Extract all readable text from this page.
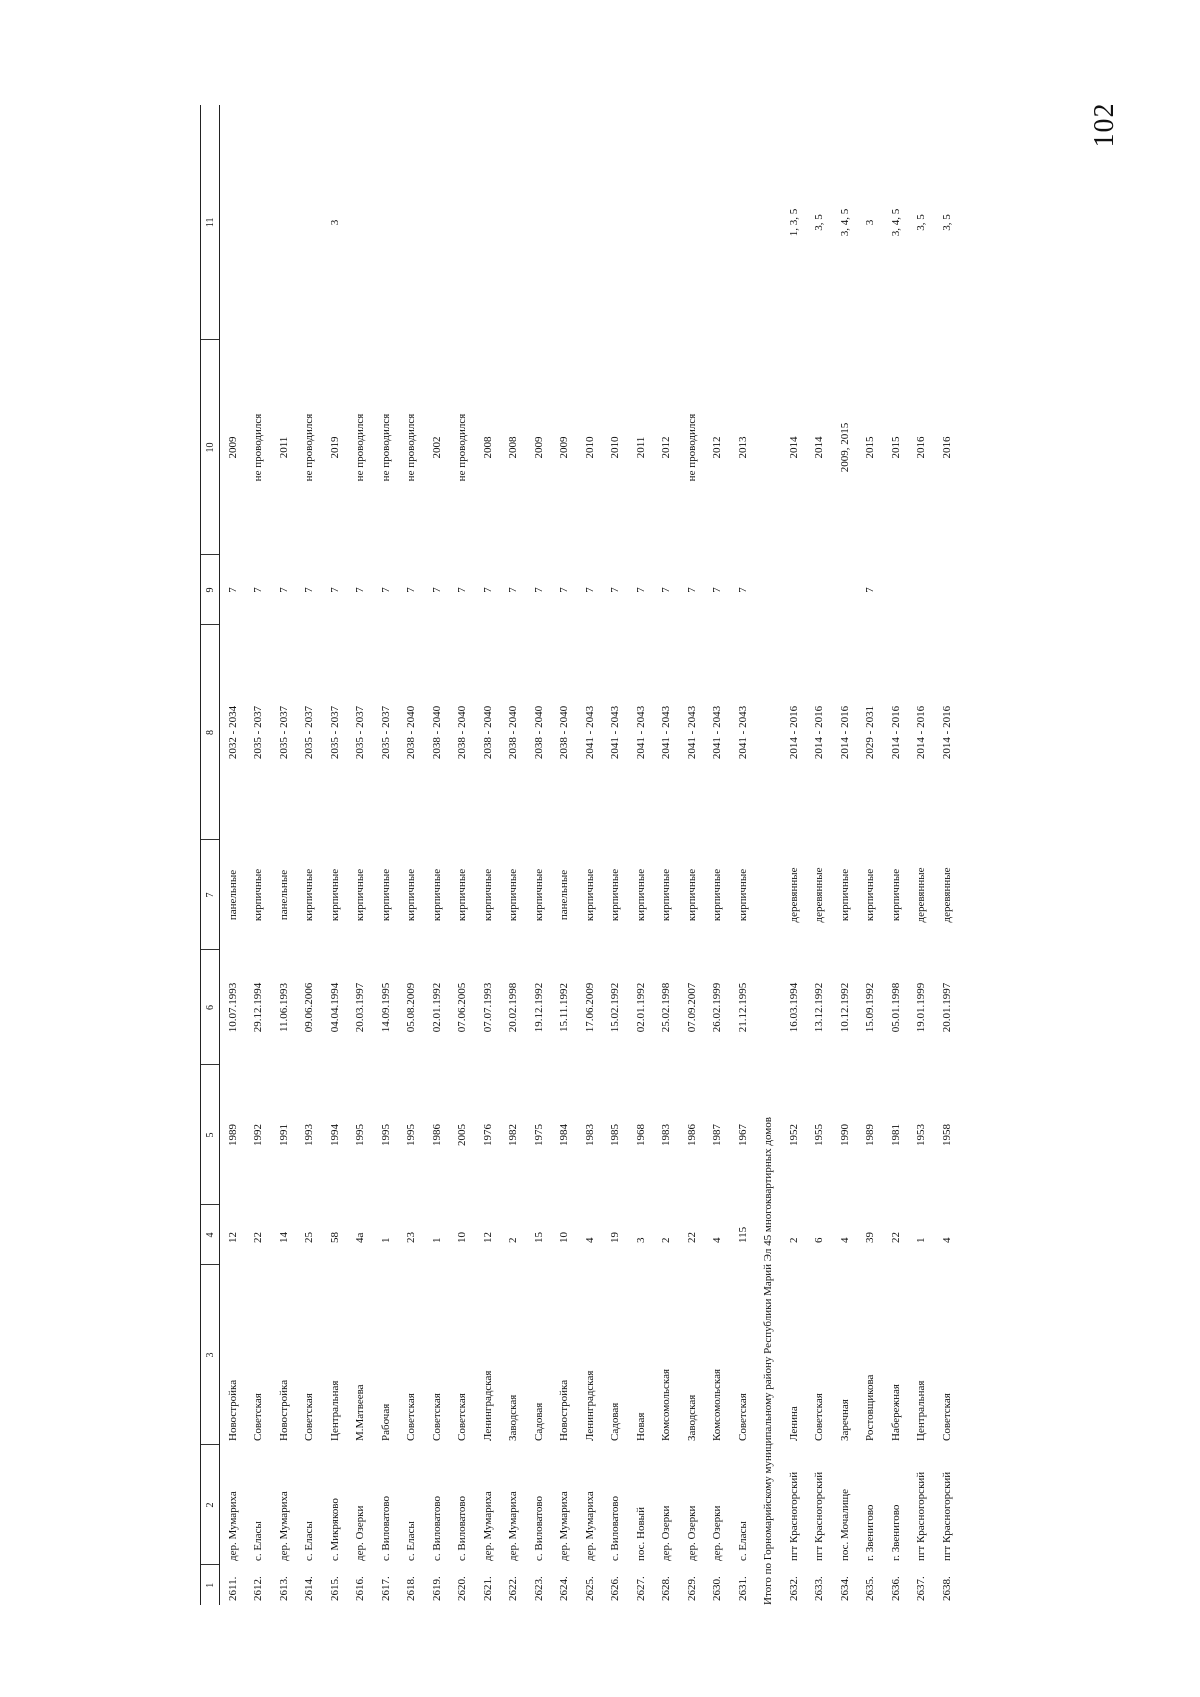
102
1	2	3	4	5	6	7	8	9	10	11
2611.	дер. Мумариха	Новостройка	12	1989	10.07.1993	панельные	2032 - 2034	7	2009	
2612.	с. Еласы	Советская	22	1992	29.12.1994	кирпичные	2035 - 2037	7	не проводился	
2613.	дер. Мумариха	Новостройка	14	1991	11.06.1993	панельные	2035 - 2037	7	2011	
2614.	с. Еласы	Советская	25	1993	09.06.2006	кирпичные	2035 - 2037	7	не проводился	
2615.	с. Микряково	Центральная	58	1994	04.04.1994	кирпичные	2035 - 2037	7	2019	3
2616.	дер. Озерки	М.Матвеева	4а	1995	20.03.1997	кирпичные	2035 - 2037	7	не проводился	
2617.	с. Виловатово	Рабочая	1	1995	14.09.1995	кирпичные	2035 - 2037	7	не проводился	
2618.	с. Еласы	Советская	23	1995	05.08.2009	кирпичные	2038 - 2040	7	не проводился	
2619.	с. Виловатово	Советская	1	1986	02.01.1992	кирпичные	2038 - 2040	7	2002	
2620.	с. Виловатово	Советская	10	2005	07.06.2005	кирпичные	2038 - 2040	7	не проводился	
2621.	дер. Мумариха	Ленинградская	12	1976	07.07.1993	кирпичные	2038 - 2040	7	2008	
2622.	дер. Мумариха	Заводская	2	1982	20.02.1998	кирпичные	2038 - 2040	7	2008	
2623.	с. Виловатово	Садовая	15	1975	19.12.1992	кирпичные	2038 - 2040	7	2009	
2624.	дер. Мумариха	Новостройка	10	1984	15.11.1992	панельные	2038 - 2040	7	2009	
2625.	дер. Мумариха	Ленинградская	4	1983	17.06.2009	кирпичные	2041 - 2043	7	2010	
2626.	с. Виловатово	Садовая	19	1985	15.02.1992	кирпичные	2041 - 2043	7	2010	
2627.	пос. Новый	Новая	3	1968	02.01.1992	кирпичные	2041 - 2043	7	2011	
2628.	дер. Озерки	Комсомольская	2	1983	25.02.1998	кирпичные	2041 - 2043	7	2012	
2629.	дер. Озерки	Заводская	22	1986	07.09.2007	кирпичные	2041 - 2043	7	не проводился	
2630.	дер. Озерки	Комсомольская	4	1987	26.02.1999	кирпичные	2041 - 2043	7	2012	
2631.	с. Еласы	Советская	115	1967	21.12.1995	кирпичные	2041 - 2043	7	2013	
Итого по Горномарийскому муниципальному району Республики Марий Эл 45 многоквартирных домов										
2632.	пгт Красногорский	Ленина	2	1952	16.03.1994	деревянные	2014 - 2016		2014	1, 3, 5
2633.	пгт Красногорский	Советская	6	1955	13.12.1992	деревянные	2014 - 2016		2014	3, 5
2634.	пос. Мочалище	Заречная	4	1990	10.12.1992	кирпичные	2014 - 2016		2009, 2015	3, 4, 5
2635.	г. Звенигово	Ростовщикова	39	1989	15.09.1992	кирпичные	2029 - 2031	7	2015	3
2636.	г. Звенигово	Набережная	22	1981	05.01.1998	кирпичные	2014 - 2016		2015	3, 4, 5
2637.	пгт Красногорский	Центральная	1	1953	19.01.1999	деревянные	2014 - 2016		2016	3, 5
2638.	пгт Красногорский	Советская	4	1958	20.01.1997	деревянные	2014 - 2016		2016	3, 5
